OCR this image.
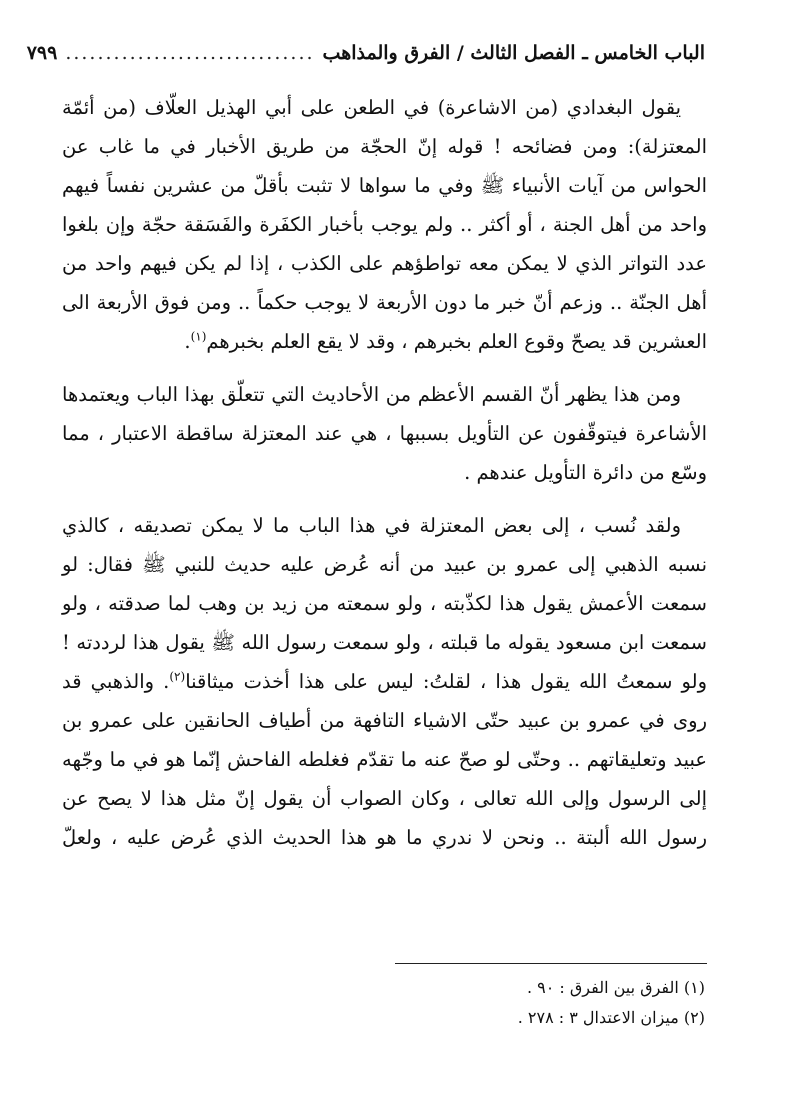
الباب الخامس ـ الفصل الثالث / الفرق والمذاهب
...............................
٧٩٩

يقول البغدادي (من الاشاعرة) في الطعن على أبي الهذيل العلّاف (من أئمّة المعتزلة): ومن فضائحه ! قوله إنّ الحجّة من طريق الأخبار في ما غاب عن الحواس من آيات الأنبياء ﷺ وفي ما سواها لا تثبت بأقلّ من عشرين نفساً فيهم واحد من أهل الجنة ، أو أكثر .. ولم يوجب بأخبار الكفَرة والفَسَقة حجّة وإن بلغوا عدد التواتر الذي لا يمكن معه تواطؤهم على الكذب ، إذا لم يكن فيهم واحد من أهل الجنّة .. وزعم أنّ خبر ما دون الأربعة لا يوجب حكماً .. ومن فوق الأربعة الى العشرين قد يصحّ وقوع العلم بخبرهم ، وقد لا يقع العلم بخبرهم$^{(١)}$.

ومن هذا يظهر أنّ القسم الأعظم من الأحاديث التي تتعلّق بهذا الباب ويعتمدها الأشاعرة فيتوقّفون عن التأويل بسببها ، هي عند المعتزلة ساقطة الاعتبار ، مما وسّع من دائرة التأويل عندهم .

ولقد نُسب ، إلى بعض المعتزلة في هذا الباب ما لا يمكن تصديقه ، كالذي نسبه الذهبي إلى عمرو بن عبيد من أنه عُرض عليه حديث للنبي ﷺ فقال: لو سمعت الأعمش يقول هذا لكذّبته ، ولو سمعته من زيد بن وهب لما صدقته ، ولو سمعت ابن مسعود يقوله ما قبلته ، ولو سمعت رسول الله ﷺ يقول هذا لرددته ! ولو سمعتُ الله يقول هذا ، لقلتُ: ليس على هذا أخذت ميثاقنا$^{(٢)}$. والذهبي قد روى في عمرو بن عبيد حتّى الاشياء التافهة من أطياف الحانقين على عمرو بن عبيد وتعليقاتهم .. وحتّى لو صحّ عنه ما تقدّم فغلطه الفاحش إنّما هو في ما وجّهه إلى الرسول وإلى الله تعالى ، وكان الصواب أن يقول إنّ مثل هذا لا يصح عن رسول الله ألبتة .. ونحن لا ندري ما هو هذا الحديث الذي عُرض عليه ، ولعلّ

(١) الفرق بين الفرق : ٩٠ .

(٢) ميزان الاعتدال ٣ : ٢٧٨ .
